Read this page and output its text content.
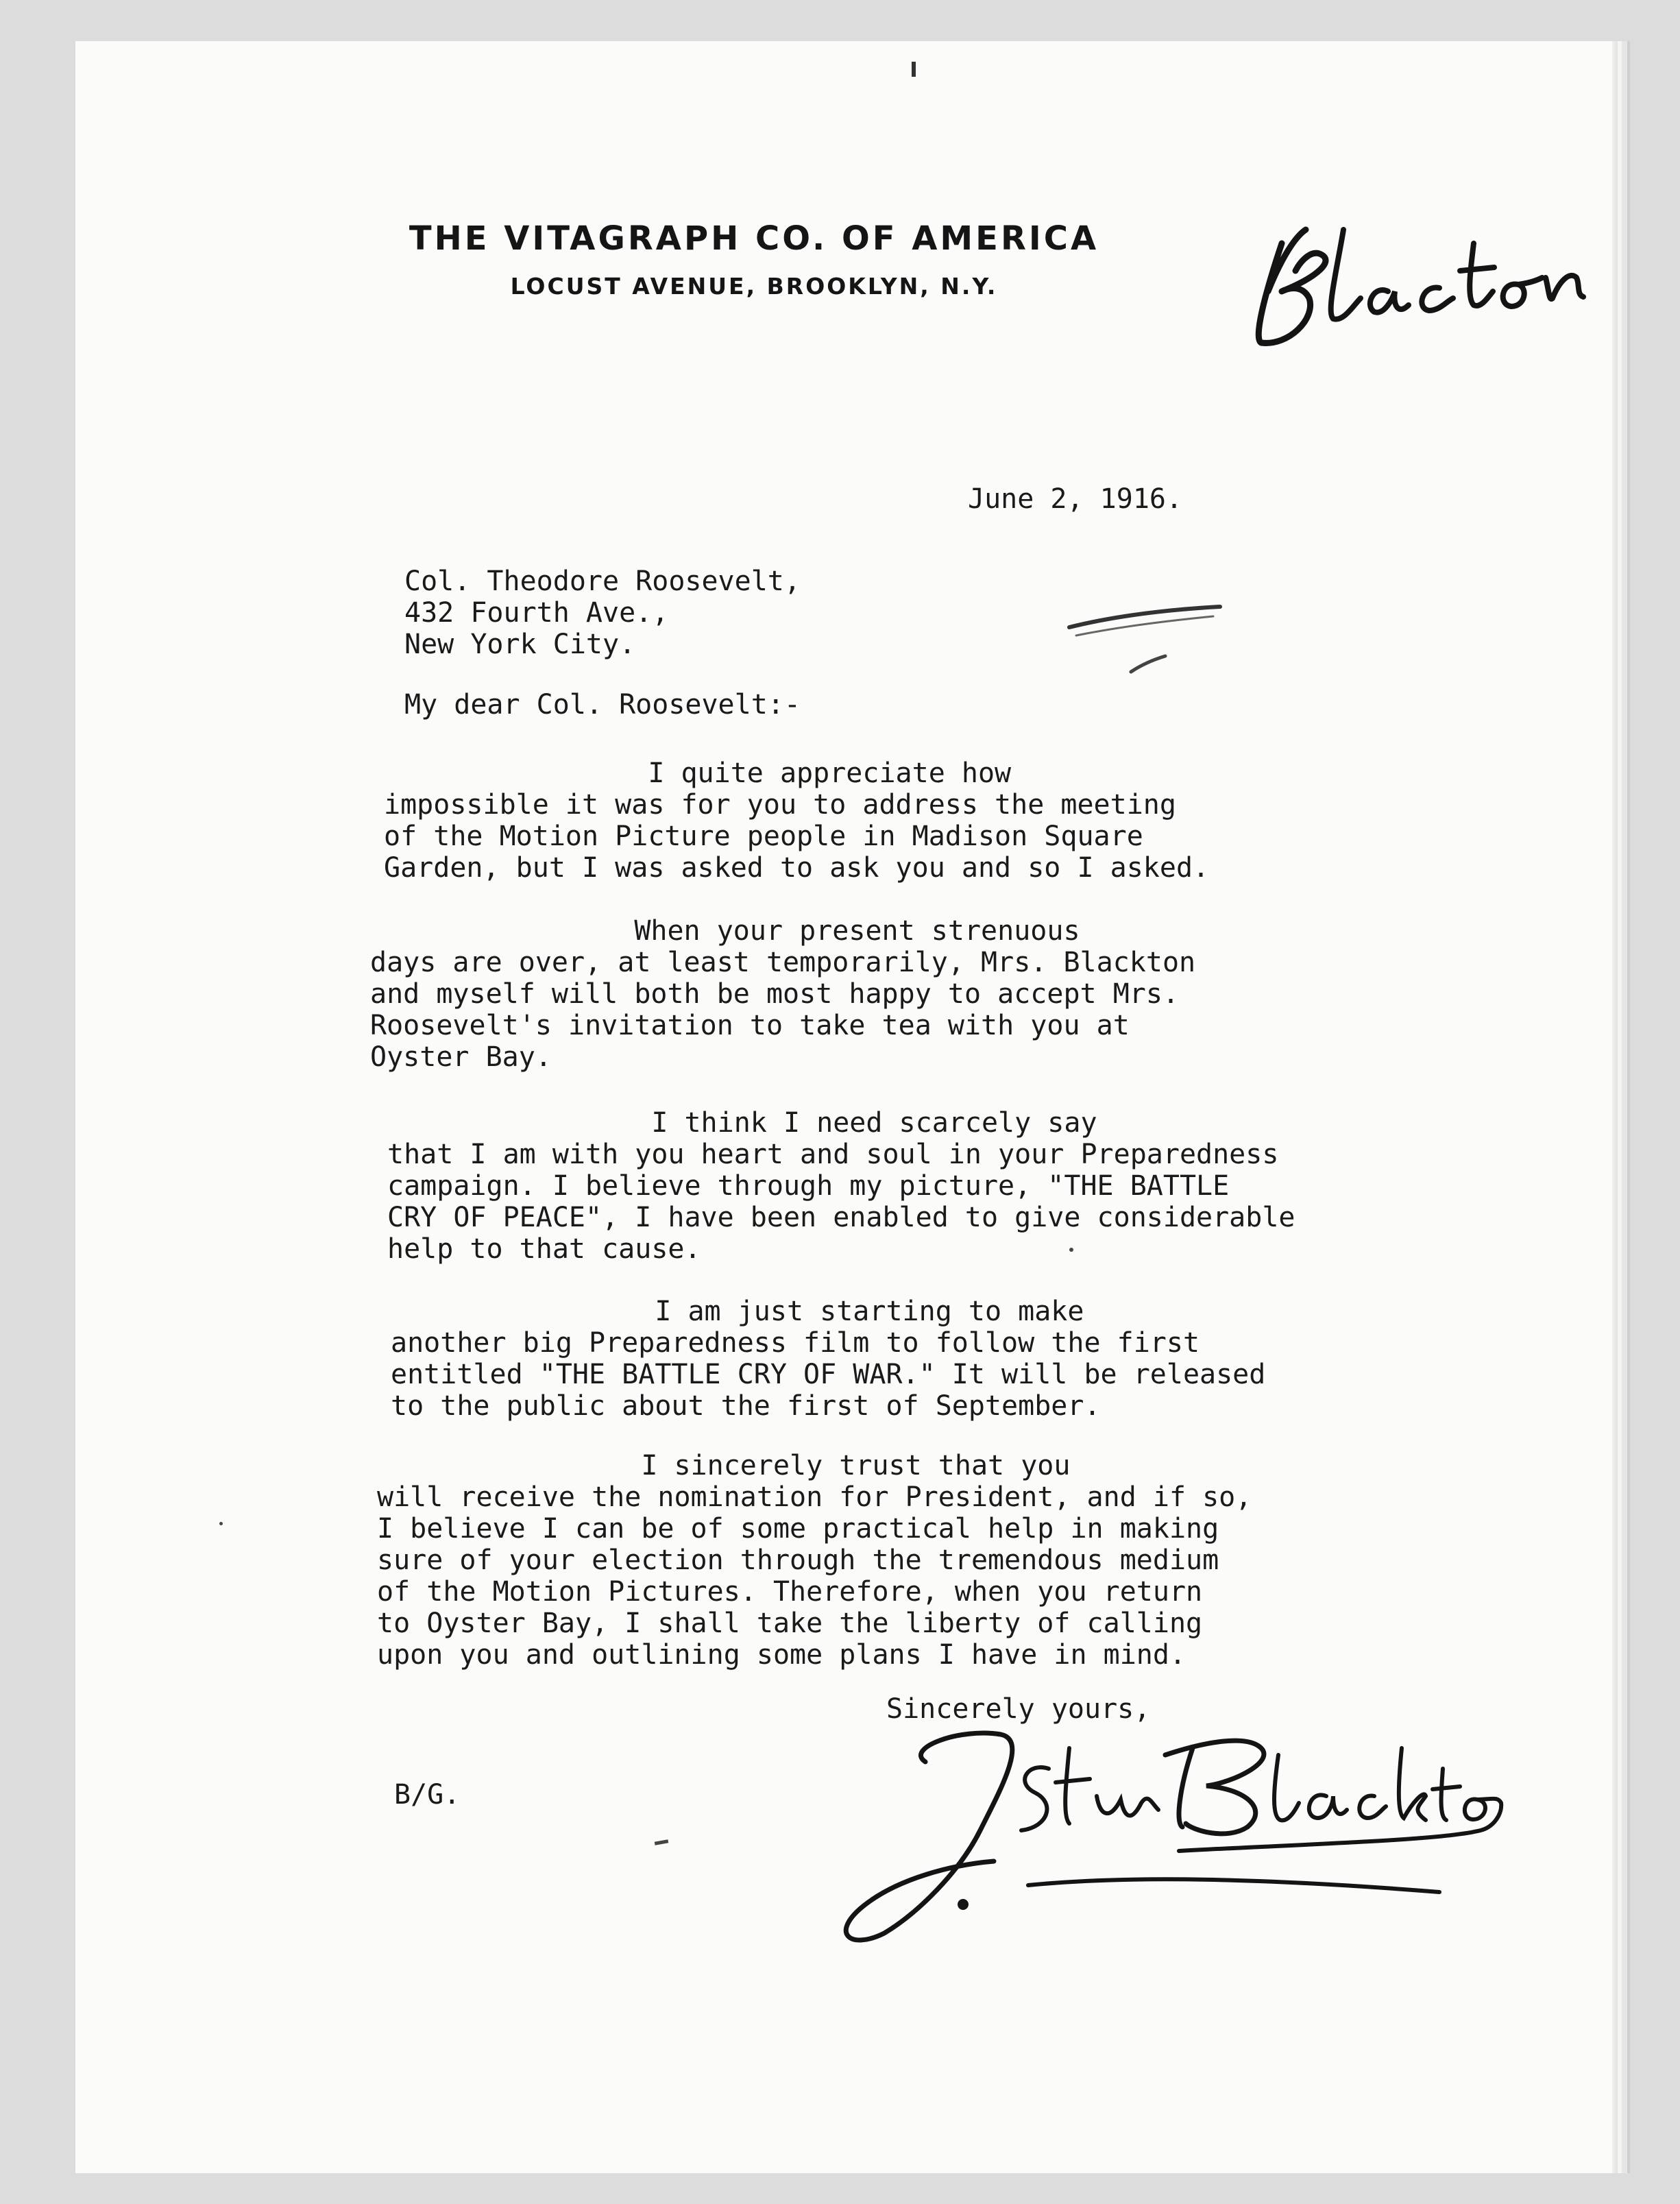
THE VITAGRAPH CO. OF AMERICA

LOCUST AVENUE, BROOKLYN, N.Y.

June 2, 1916.
Col. Theodore Roosevelt,
432 Fourth Ave.,
New York City.
My dear Col. Roosevelt:-
I quite appreciate how
impossible it was for you to address the meeting
of the Motion Picture people in Madison Square
Garden, but I was asked to ask you and so I asked.
When your present strenuous
days are over, at least temporarily, Mrs. Blackton
and myself will both be most happy to accept Mrs.
Roosevelt's invitation to take tea with you at
Oyster Bay.
I think I need scarcely say
that I am with you heart and soul in your Preparedness
campaign. I believe through my picture, "THE BATTLE
CRY OF PEACE", I have been enabled to give considerable
help to that cause.
I am just starting to make
another big Preparedness film to follow the first
entitled "THE BATTLE CRY OF WAR." It will be released
to the public about the first of September.
I sincerely trust that you
will receive the nomination for President, and if so,
I believe I can be of some practical help in making
sure of your election through the tremendous medium
of the Motion Pictures. Therefore, when you return
to Oyster Bay, I shall take the liberty of calling
upon you and outlining some plans I have in mind.
Sincerely yours,
B/G.
